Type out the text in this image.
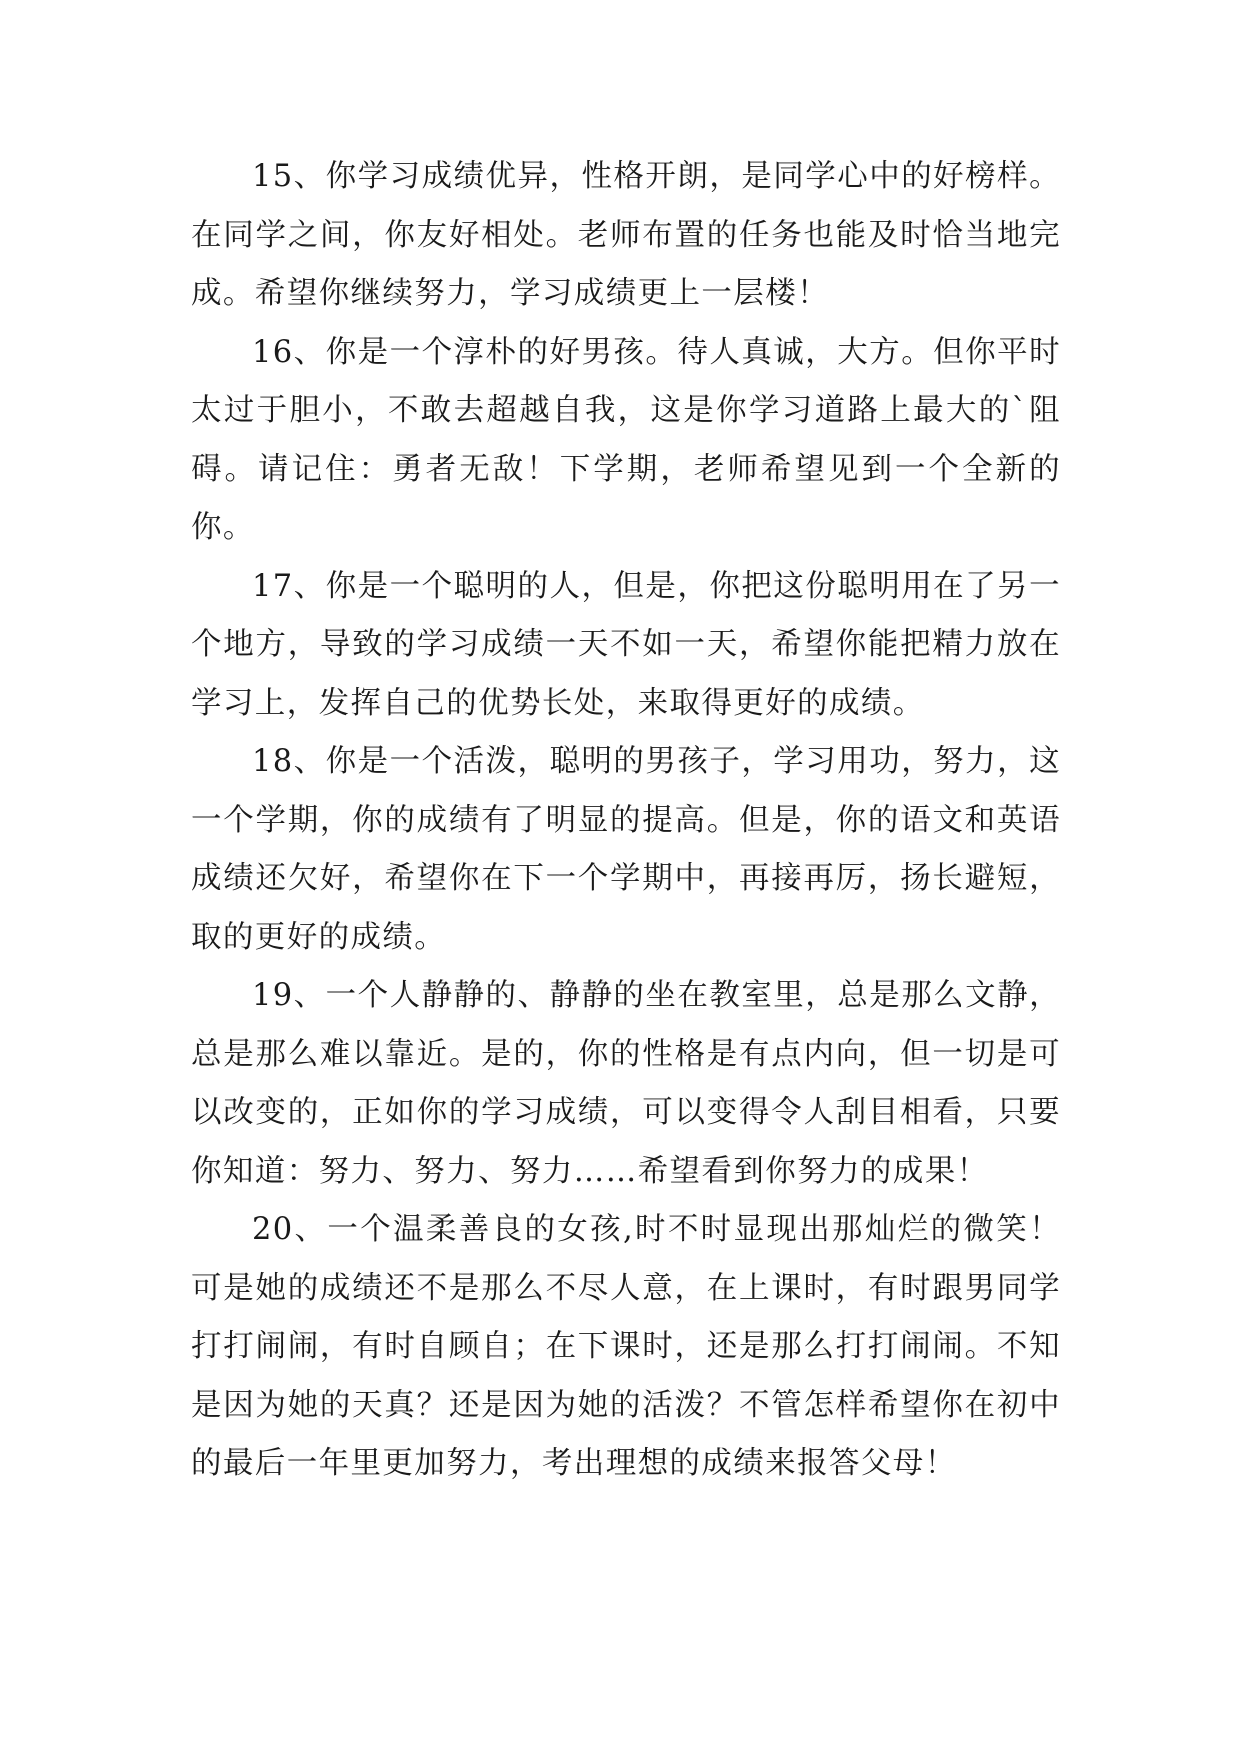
15、你学习成绩优异，性格开朗，是同学心中的好榜样。在同学之间，你友好相处。老师布置的任务也能及时恰当地完成。希望你继续努力，学习成绩更上一层楼！

16、你是一个淳朴的好男孩。待人真诚，大方。但你平时太过于胆小，不敢去超越自我，这是你学习道路上最大的`阻碍。请记住：勇者无敌！下学期，老师希望见到一个全新的你。

17、你是一个聪明的人，但是，你把这份聪明用在了另一个地方，导致的学习成绩一天不如一天，希望你能把精力放在学习上，发挥自己的优势长处，来取得更好的成绩。

18、你是一个活泼，聪明的男孩子，学习用功，努力，这一个学期，你的成绩有了明显的提高。但是，你的语文和英语成绩还欠好，希望你在下一个学期中，再接再厉，扬长避短，取的更好的成绩。

19、一个人静静的、静静的坐在教室里，总是那么文静，总是那么难以靠近。是的，你的性格是有点内向，但一切是可以改变的，正如你的学习成绩，可以变得令人刮目相看，只要你知道：努力、努力、努力……希望看到你努力的成果！

20、一个温柔善良的女孩,时不时显现出那灿烂的微笑！可是她的成绩还不是那么不尽人意，在上课时，有时跟男同学打打闹闹，有时自顾自；在下课时，还是那么打打闹闹。不知是因为她的天真？还是因为她的活泼？不管怎样希望你在初中的最后一年里更加努力，考出理想的成绩来报答父母！
